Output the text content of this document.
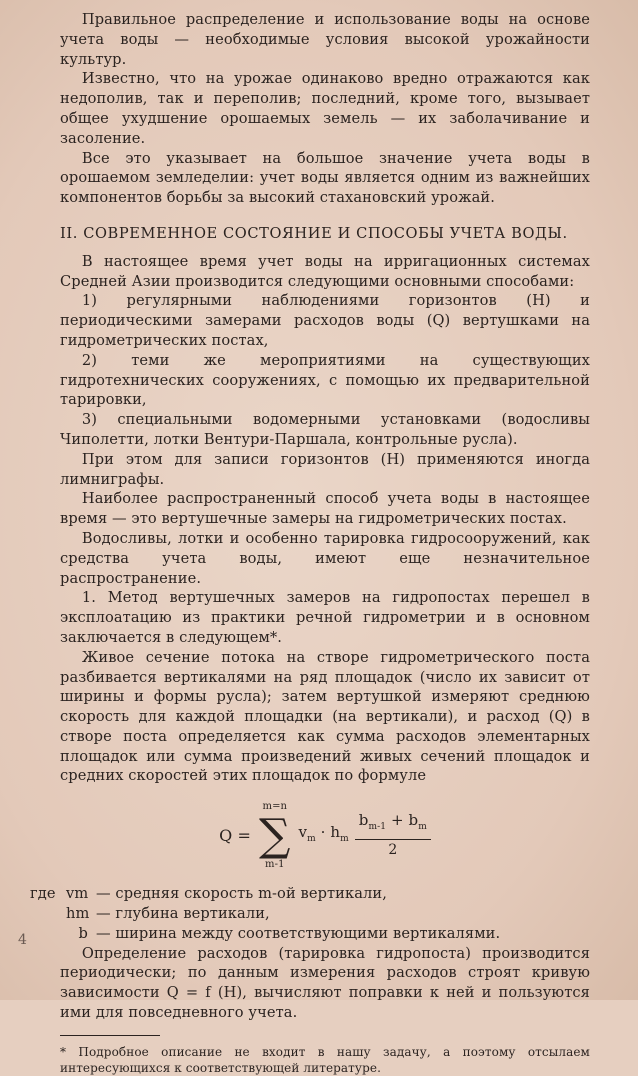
Правильное распределение и использование воды на основе учета воды — необходимые условия высокой урожайности культур.

Известно, что на урожае одинаково вредно отражаются как недополив, так и переполив; последний, кроме того, вызывает общее ухудшение орошаемых земель — их заболачивание и засоление.

Все это указывает на большое значение учета воды в орошаемом земледелии: учет воды является одним из важнейших компонентов борьбы за высокий стахановский урожай.

II. СОВРЕМЕННОЕ СОСТОЯНИЕ И СПОСОБЫ УЧЕТА ВОДЫ.

В настоящее время учет воды на ирригационных системах Средней Азии производится следующими основными способами:

1) регулярными наблюдениями горизонтов (H) и периодическими замерами расходов воды (Q) вертушками на гидрометрических постах,

2) теми же мероприятиями на существующих гидротехнических сооружениях, с помощью их предварительной тарировки,

3) специальными водомерными установками (водосливы Чиполетти, лотки Вентури-Паршала, контрольные русла).

При этом для записи горизонтов (H) применяются иногда лимниграфы.

Наиболее распространенный способ учета воды в настоящее время — это вертушечные замеры на гидрометрических постах.

Водосливы, лотки и особенно тарировка гидросооружений, как средства учета воды, имеют еще незначительное распространение.

1. Метод вертушечных замеров на гидропостах перешел в эксплоатацию из практики речной гидрометрии и в основном заключается в следующем*.

Живое сечение потока на створе гидрометрического поста разбивается вертикалями на ряд площадок (число их зависит от ширины и формы русла); затем вертушкой измеряют среднюю скорость для каждой площадки (на вертикали), и расход (Q) в створе поста определяется как сумма расходов элементарных площадок или сумма произведений живых сечений площадок и средних скоростей этих площадок по формуле

Q =
m=n
∑
m-1
$v_m \cdot h_m \frac{b_{m-1} + b_m}{2}$
где vm — средняя скорость m-ой вертикали,
hm — глубина вертикали,
b — ширина между соответствующими вертикалями.

Определение расходов (тарировка гидропоста) производится периодически; по данным измерения расходов строят кривую зависимости Q = f (H), вычисляют поправки к ней и пользуются ими для повседневного учета.

* Подробное описание не входит в нашу задачу, а поэтому отсылаем интересующихся к соответствующей литературе.

4
